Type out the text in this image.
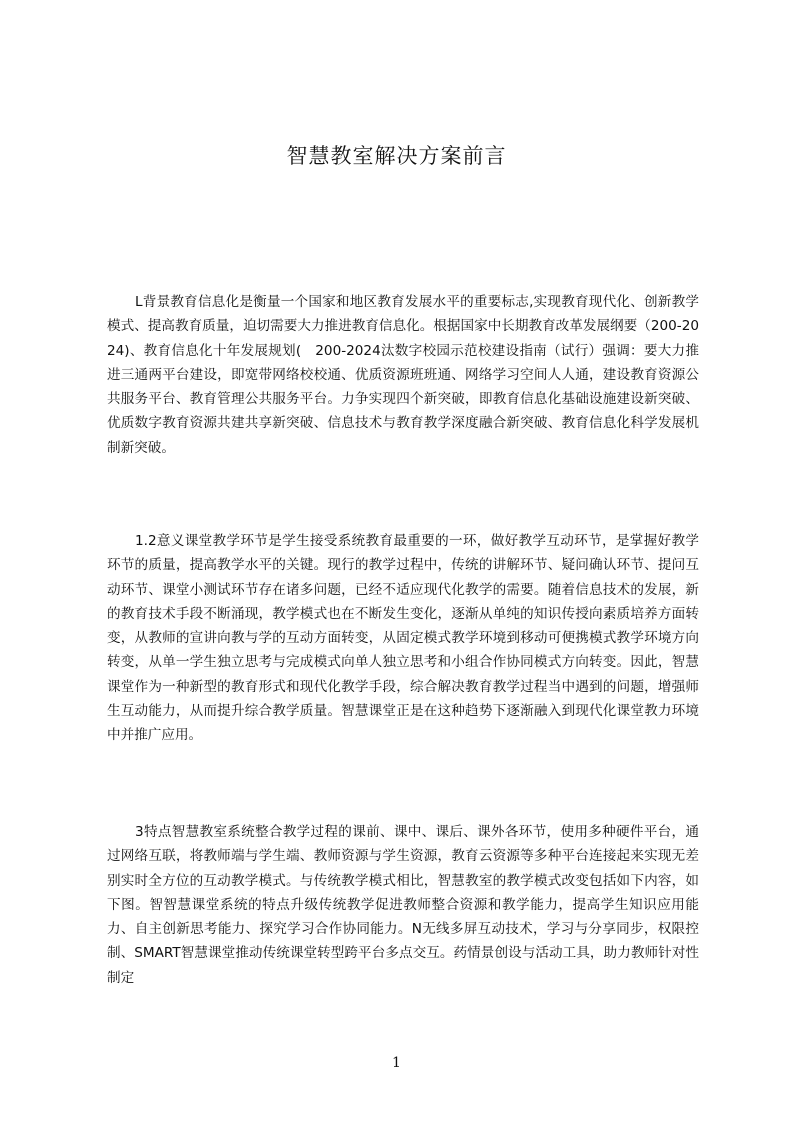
智慧教室解决方案前言

L背景教育信息化是衡量一个国家和地区教育发展水平的重要标志,实现教育现代化、创新教学模式、提高教育质量，迫切需要大力推进教育信息化。根据国家中长期教育改革发展纲要（200-2024)、教育信息化十年发展规划(　200-2024汰数字校园示范校建设指南（试行）强调：要大力推进三通两平台建设，即宽带网络校校通、优质资源班班通、网络学习空间人人通，建设教育资源公共服务平台、教育管理公共服务平台。力争实现四个新突破，即教育信息化基础设施建设新突破、优质数字教育资源共建共享新突破、信息技术与教育教学深度融合新突破、教育信息化科学发展机制新突破。

1.2意义课堂教学环节是学生接受系统教育最重要的一环，做好教学互动环节，是掌握好教学环节的质量，提高教学水平的关键。现行的教学过程中，传统的讲解环节、疑问确认环节、提问互动环节、课堂小测试环节存在诸多问题，已经不适应现代化教学的需要。随着信息技术的发展，新的教育技术手段不断涌现，教学模式也在不断发生变化，逐渐从单纯的知识传授向素质培养方面转变，从教师的宣讲向教与学的互动方面转变，从固定模式教学环境到移动可便携模式教学环境方向转变，从单一学生独立思考与完成模式向单人独立思考和小组合作协同模式方向转变。因此，智慧课堂作为一种新型的教育形式和现代化教学手段，综合解决教育教学过程当中遇到的问题，增强师生互动能力，从而提升综合教学质量。智慧课堂正是在这种趋势下逐渐融入到现代化课堂教力环境中并推广应用。

3特点智慧教室系统整合教学过程的课前、课中、课后、课外各环节，使用多种硬件平台，通过网络互联，将教师端与学生端、教师资源与学生资源，教育云资源等多种平台连接起来实现无差别实时全方位的互动教学模式。与传统教学模式相比，智慧教室的教学模式改变包括如下内容，如下图。智智慧课堂系统的特点升级传统教学促进教师整合资源和教学能力，提高学生知识应用能力、自主创新思考能力、探究学习合作协同能力。N无线多屏互动技术，学习与分享同步，权限控制、SMART智慧课堂推动传统课堂转型跨平台多点交互。药情景创设与活动工具，助力教师针对性制定

1
